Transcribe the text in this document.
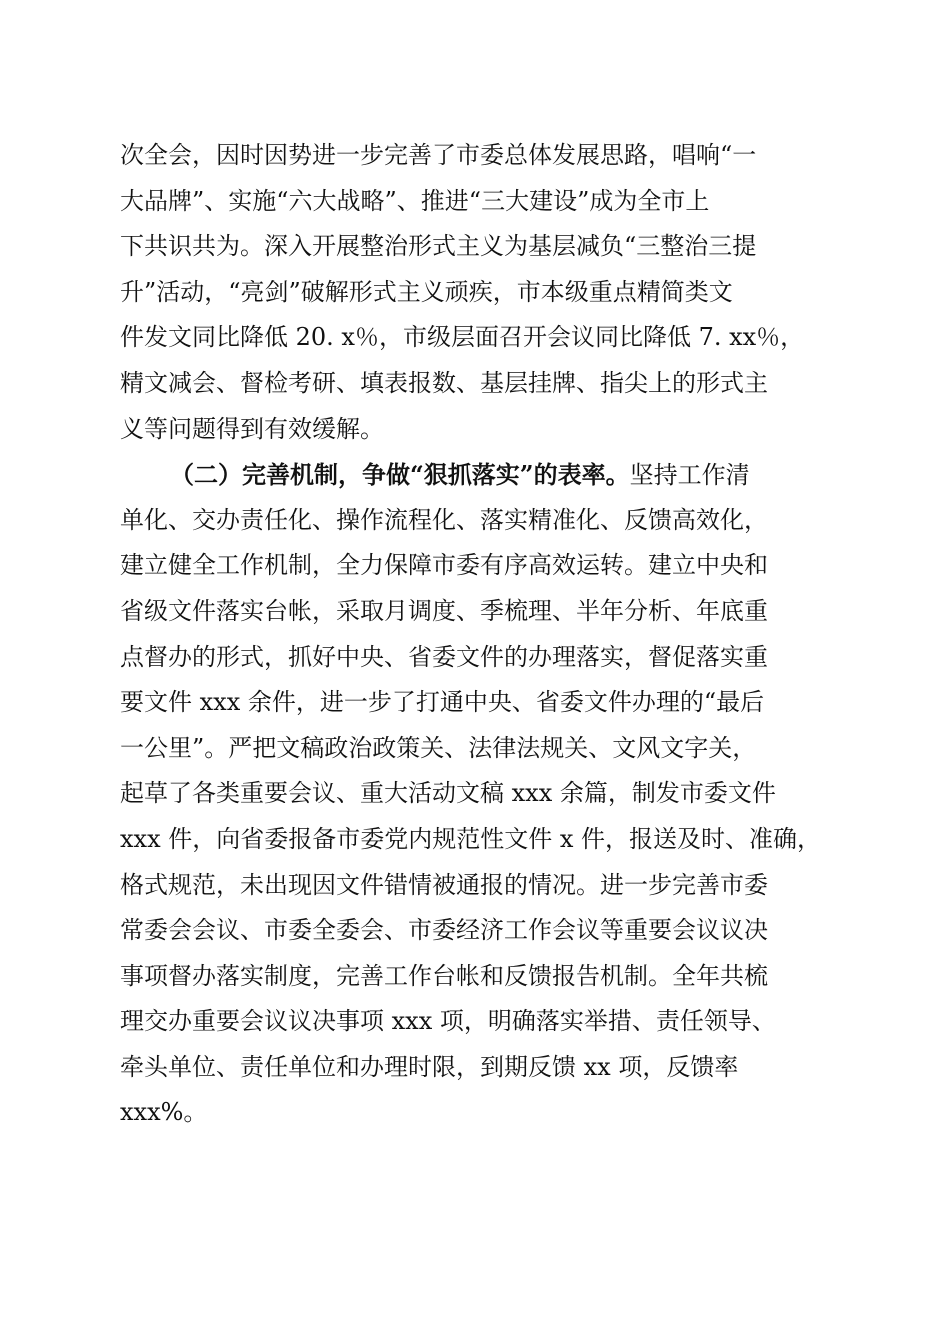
次全会，因时因势进一步完善了市委总体发展思路，唱响“一
大品牌”、实施“六大战略”、推进“三大建设”成为全市上
下共识共为。深入开展整治形式主义为基层减负“三整治三提
升”活动，“亮剑”破解形式主义顽疾，市本级重点精简类文
件发文同比降低 20. x％，市级层面召开会议同比降低 7. xx％，
精文减会、督检考研、填表报数、基层挂牌、指尖上的形式主
义等问题得到有效缓解。
（二）完善机制，争做“狠抓落实”的表率。坚持工作清
单化、交办责任化、操作流程化、落实精准化、反馈高效化，
建立健全工作机制，全力保障市委有序高效运转。建立中央和
省级文件落实台帐，采取月调度、季梳理、半年分析、年底重
点督办的形式，抓好中央、省委文件的办理落实，督促落实重
要文件 xxx 余件，进一步了打通中央、省委文件办理的“最后
一公里”。严把文稿政治政策关、法律法规关、文风文字关，
起草了各类重要会议、重大活动文稿 xxx 余篇，制发市委文件
xxx 件，向省委报备市委党内规范性文件 x 件，报送及时、准确，
格式规范，未出现因文件错情被通报的情况。进一步完善市委
常委会会议、市委全委会、市委经济工作会议等重要会议议决
事项督办落实制度，完善工作台帐和反馈报告机制。全年共梳
理交办重要会议议决事项 xxx 项，明确落实举措、责任领导、
牵头单位、责任单位和办理时限，到期反馈 xx 项，反馈率
xxx%。
